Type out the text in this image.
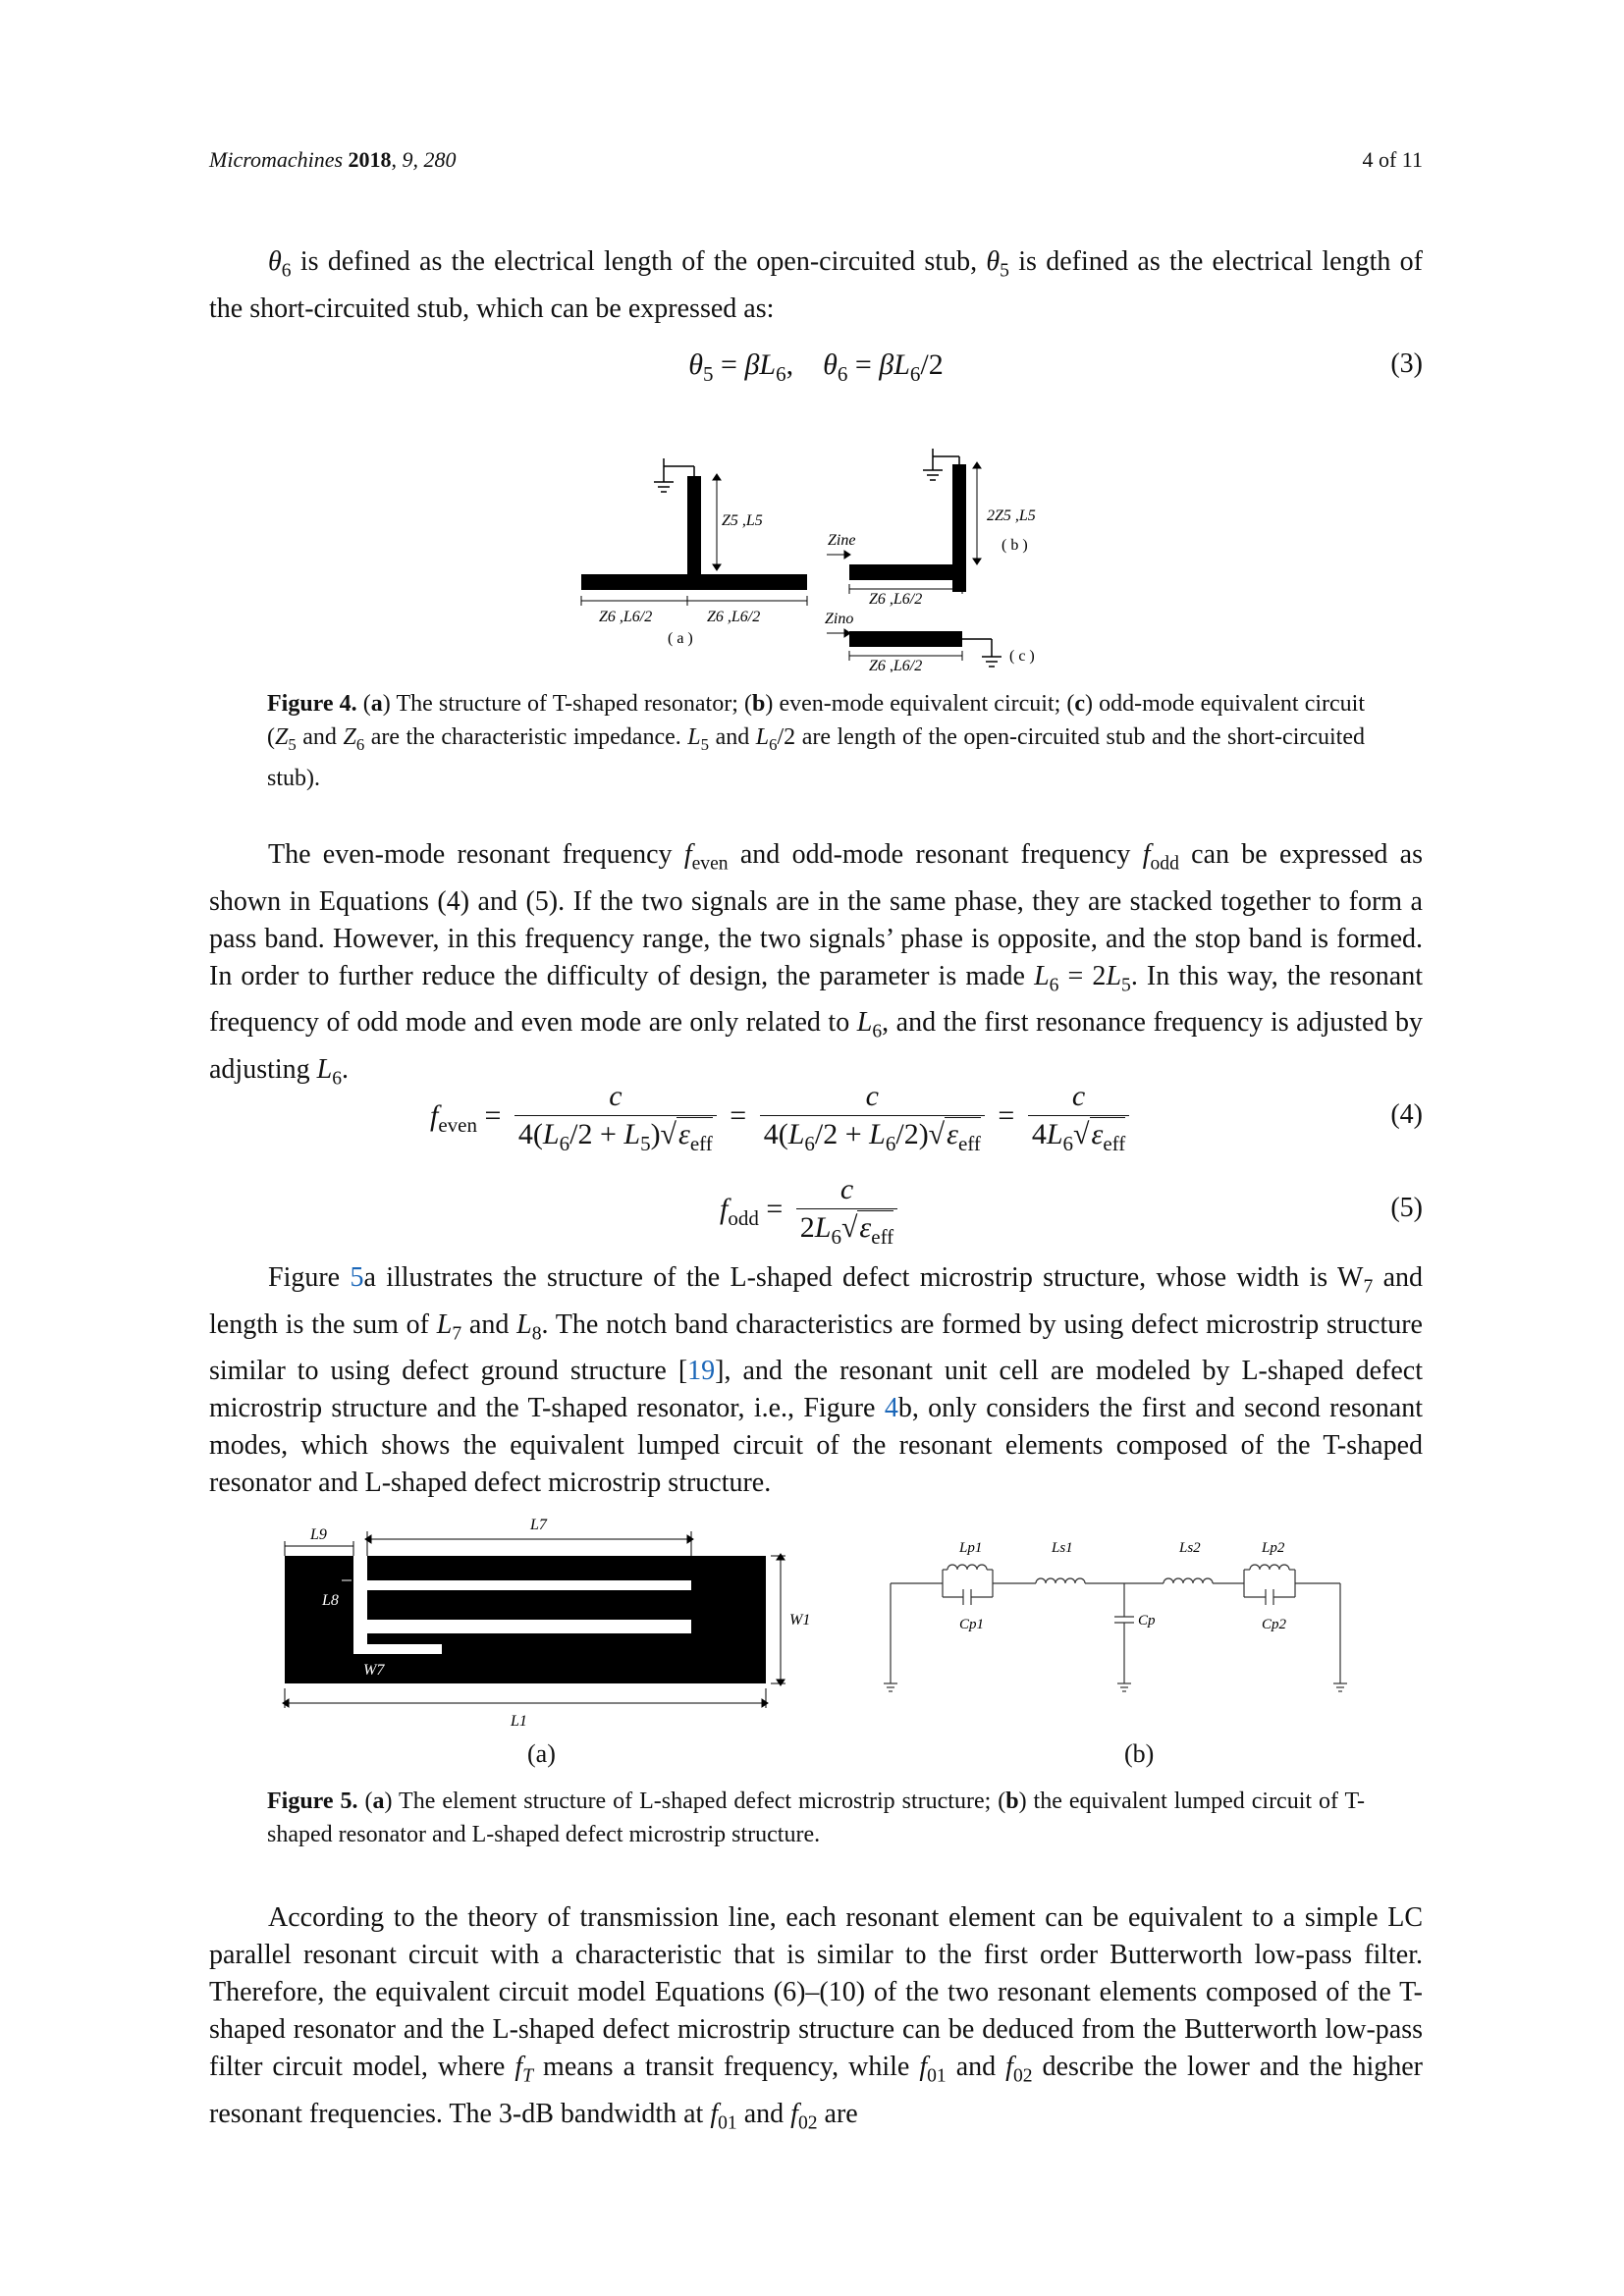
Micromachines 2018, 9, 280	4 of 11
$\theta_6$ is defined as the electrical length of the open-circuited stub, $\theta_5$ is defined as the electrical length of the short-circuited stub, which can be expressed as:
$\theta_5 = \beta L_6$,    $\theta_6 = \beta L_6/2$	(3)
Z5 ,L5
Z6 ,L6/2	Z6 ,L6/2
( a )
2Z5 ,L5
( b )
Zine
Z6 ,L6/2
Zino
Z6 ,L6/2
( c )
Figure 4. (a) The structure of T-shaped resonator; (b) even-mode equivalent circuit; (c) odd-mode equivalent circuit ($Z_5$ and $Z_6$ are the characteristic impedance. $L_5$ and $L_6/2$ are length of the open-circuited stub and the short-circuited stub).
The even-mode resonant frequency $f_{even}$ and odd-mode resonant frequency $f_{odd}$ can be expressed as shown in Equations (4) and (5). If the two signals are in the same phase, they are stacked together to form a pass band. However, in this frequency range, the two signals’ phase is opposite, and the stop band is formed. In order to further reduce the difficulty of design, the parameter is made $L_6 = 2L_5$. In this way, the resonant frequency of odd mode and even mode are only related to $L_6$, and the first resonance frequency is adjusted by adjusting $L_6$.
$f_{even} = \frac{c}{4(L_6/2 + L_5)√\varepsilon_{eff}} = \frac{c}{4(L_6/2 + L_6/2)√\varepsilon_{eff}} = \frac{c}{4L_6√\varepsilon_{eff}}$	(4)
$f_{odd} = \frac{c}{2L_6√\varepsilon_{eff}}$	(5)
Figure 5a illustrates the structure of the L-shaped defect microstrip structure, whose width is $W_7$ and length is the sum of $L_7$ and $L_8$. The notch band characteristics are formed by using defect microstrip structure similar to using defect ground structure [19], and the resonant unit cell are modeled by L-shaped defect microstrip structure and the T-shaped resonator, i.e., Figure 4b, only considers the first and second resonant modes, which shows the equivalent lumped circuit of the resonant elements composed of the T-shaped resonator and L-shaped defect microstrip structure.
L9
L7
L8
W7
W1
L1
(a)
Lp1	Ls1	Ls2	Lp2
Cp1	Cp	Cp2
(b)
Figure 5. (a) The element structure of L-shaped defect microstrip structure; (b) the equivalent lumped circuit of T-shaped resonator and L-shaped defect microstrip structure.
According to the theory of transmission line, each resonant element can be equivalent to a simple LC parallel resonant circuit with a characteristic that is similar to the first order Butterworth low-pass filter. Therefore, the equivalent circuit model Equations (6)–(10) of the two resonant elements composed of the T-shaped resonator and the L-shaped defect microstrip structure can be deduced from the Butterworth low-pass filter circuit model, where $f_T$ means a transit frequency, while $f_{01}$ and $f_{02}$ describe the lower and the higher resonant frequencies. The 3-dB bandwidth at $f_{01}$ and $f_{02}$ are
